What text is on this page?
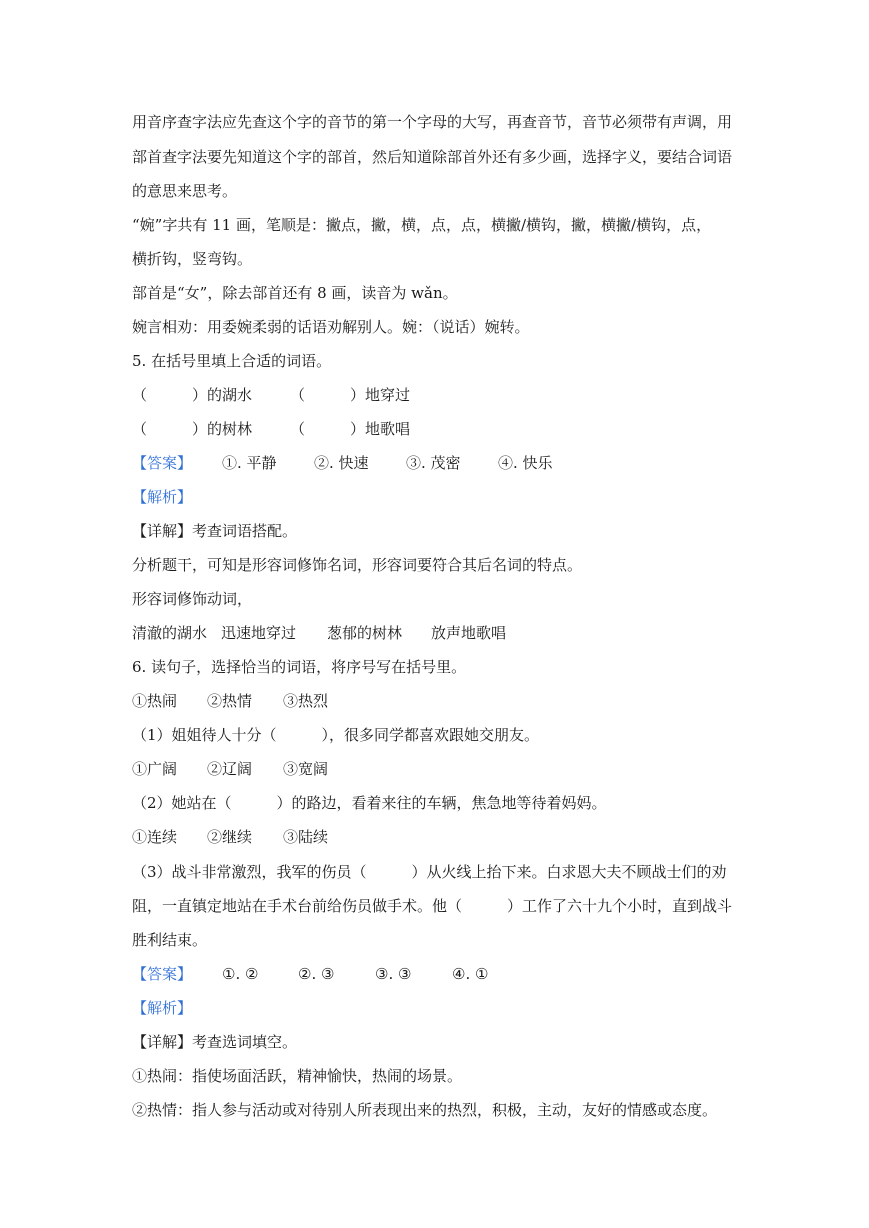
用音序查字法应先查这个字的音节的第一个字母的大写，再查音节，音节必须带有声调，用
部首查字法要先知道这个字的部首，然后知道除部首外还有多少画，选择字义，要结合词语
的意思来思考。
“婉”字共有 11 画，笔顺是：撇点，撇，横，点，点，横撇/横钩，撇，横撇/横钩，点，
横折钩，竖弯钩。
部首是“女”，除去部首还有 8 画，读音为 wǎn。
婉言相劝：用委婉柔弱的话语劝解别人。婉：（说话）婉转。
5. 在括号里填上合适的词语。
（　　　）的湖水	（　　　）地穿过
（　　　）的树林	（　　　）地歌唱
【答案】 ①. 平静 ②. 快速 ③. 茂密 ④. 快乐
【解析】
【详解】考查词语搭配。
分析题干，可知是形容词修饰名词，形容词要符合其后名词的特点。
形容词修饰动词，
清澈的湖水 迅速地穿过 葱郁的树林 放声地歌唱
6. 读句子，选择恰当的词语，将序号写在括号里。
①热闹 ②热情 ③热烈
（1）姐姐待人十分（　　　），很多同学都喜欢跟她交朋友。
①广阔 ②辽阔 ③宽阔
（2）她站在（　　　）的路边，看着来往的车辆，焦急地等待着妈妈。
①连续 ②继续 ③陆续
（3）战斗非常激烈，我军的伤员（　　　）从火线上抬下来。白求恩大夫不顾战士们的劝
阻，一直镇定地站在手术台前给伤员做手术。他（　　　）工作了六十九个小时，直到战斗
胜利结束。
【答案】 ①. ②	②. ③	③. ③	④. ①
【解析】
【详解】考查选词填空。
①热闹：指使场面活跃，精神愉快，热闹的场景。
②热情：指人参与活动或对待别人所表现出来的热烈，积极，主动，友好的情感或态度。
